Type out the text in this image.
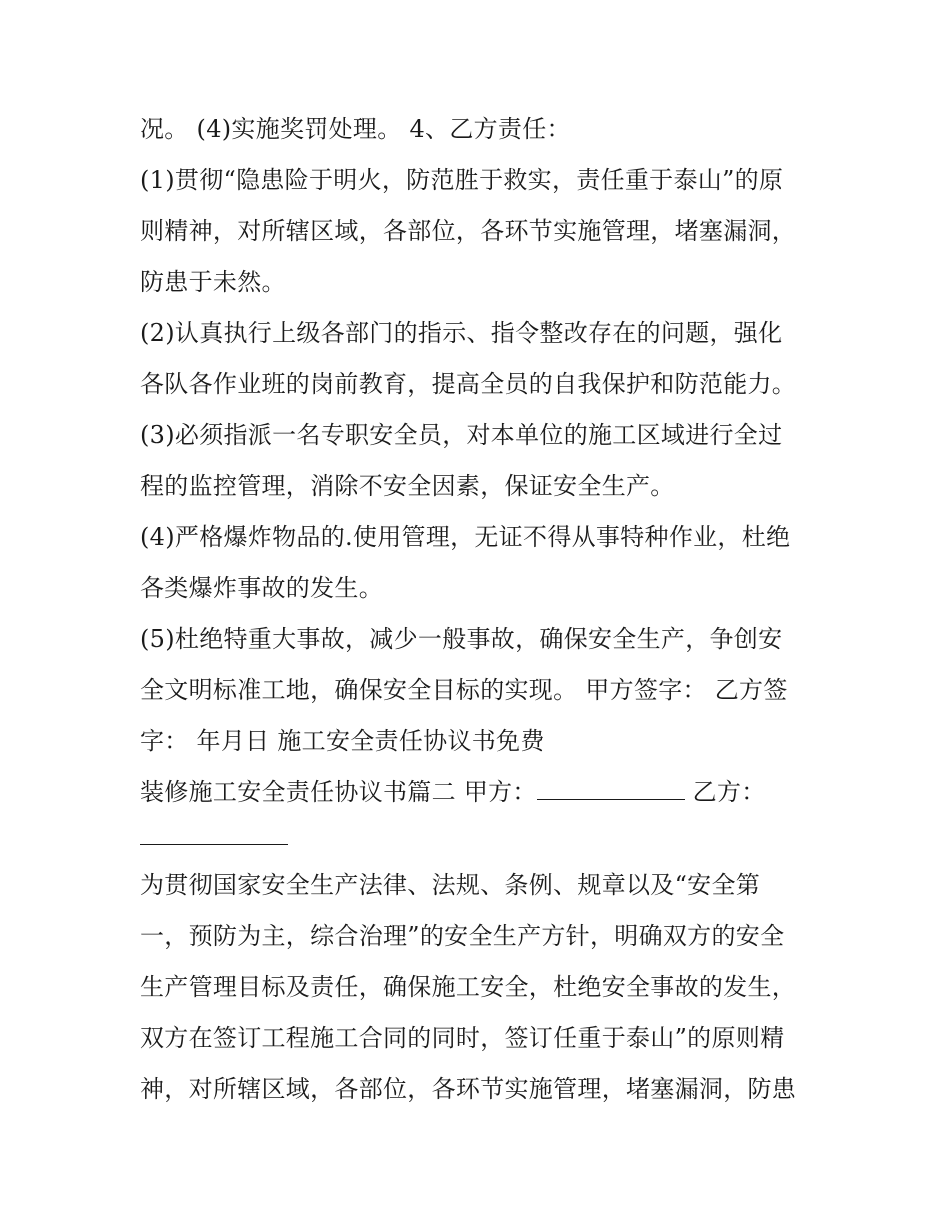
况。 (4)实施奖罚处理。 4、乙方责任：
(1)贯彻“隐患险于明火，防范胜于救实，责任重于泰山”的原
则精神，对所辖区域，各部位，各环节实施管理，堵塞漏洞，
防患于未然。
(2)认真执行上级各部门的指示、指令整改存在的问题，强化
各队各作业班的岗前教育，提高全员的自我保护和防范能力。
(3)必须指派一名专职安全员，对本单位的施工区域进行全过
程的监控管理，消除不安全因素，保证安全生产。
(4)严格爆炸物品的.使用管理，无证不得从事特种作业，杜绝
各类爆炸事故的发生。
(5)杜绝特重大事故，减少一般事故，确保安全生产，争创安
全文明标准工地，确保安全目标的实现。 甲方签字： 乙方签
字： 年月日 施工安全责任协议书免费
装修施工安全责任协议书篇二 甲方：	乙方：
为贯彻国家安全生产法律、法规、条例、规章以及“安全第
一，预防为主，综合治理”的安全生产方针，明确双方的安全
生产管理目标及责任，确保施工安全，杜绝安全事故的发生，
双方在签订工程施工合同的同时，签订任重于泰山”的原则精
神，对所辖区域，各部位，各环节实施管理，堵塞漏洞，防患
